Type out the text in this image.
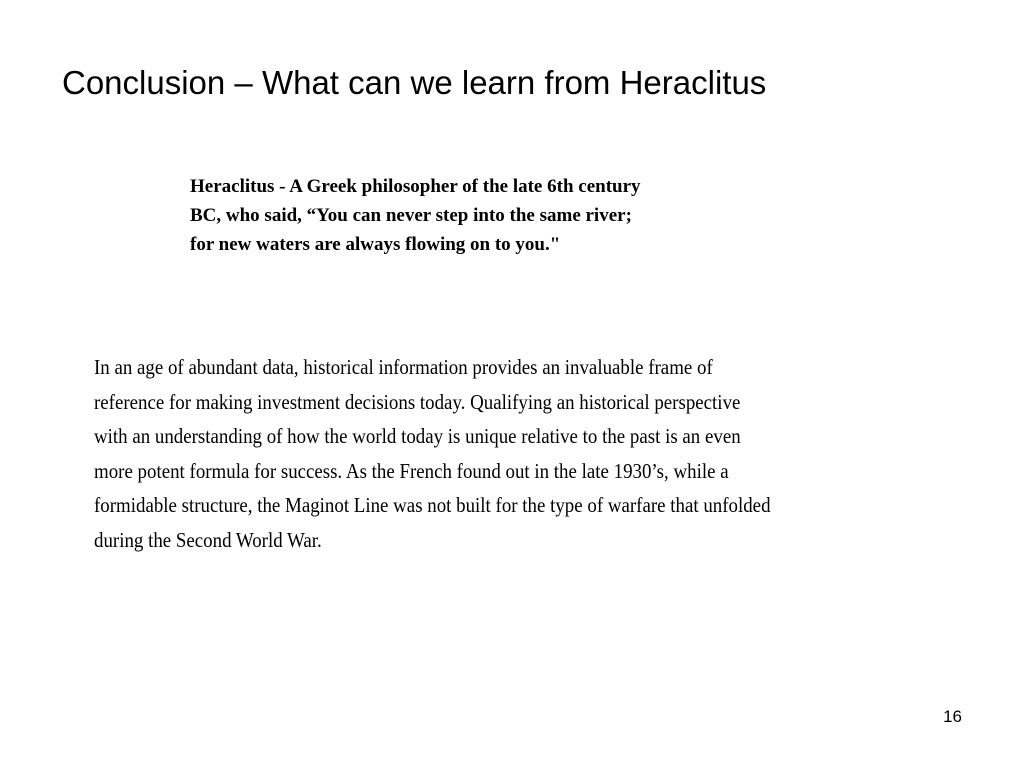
Conclusion – What can we learn from Heraclitus
Heraclitus - A Greek philosopher of the late 6th century
BC, who said, “You can never step into the same river;
for new waters are always flowing on to you."
In an age of abundant data, historical information provides an invaluable frame of
reference for making investment decisions today. Qualifying an historical perspective
with an understanding of how the world today is unique relative to the past is an even
more potent formula for success. As the French found out in the late 1930’s, while a
formidable structure, the Maginot Line was not built for the type of warfare that unfolded
during the Second World War.
16
